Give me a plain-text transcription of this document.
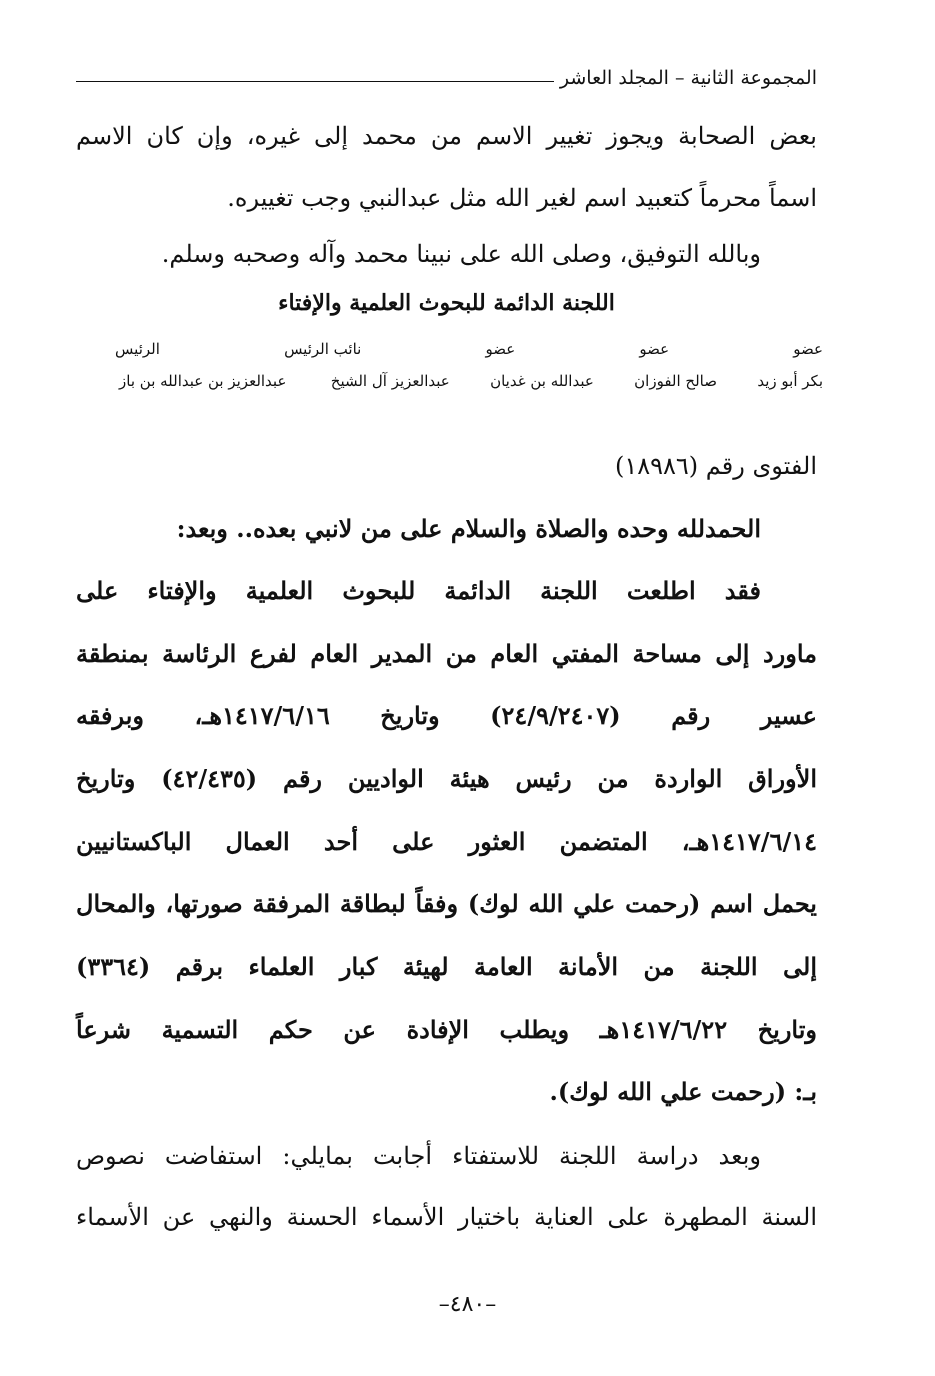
المجموعة الثانية – المجلد العاشر

بعض الصحابة ويجوز تغيير الاسم من محمد إلى غيره، وإن كان الاسم

اسماً محرماً كتعبيد اسم لغير الله مثل عبدالنبي وجب تغييره.

وبالله التوفيق، وصلى الله على نبينا محمد وآله وصحبه وسلم.

اللجنة الدائمة للبحوث العلمية والإفتاء

عضو
عضو
عضو
نائب الرئيس
الرئيس
بكر أبو زيد
صالح الفوزان
عبدالله بن غديان
عبدالعزيز آل الشيخ
عبدالعزيز بن عبدالله بن باز

الفتوى رقم (١٨٩٨٦)

الحمدلله وحده والصلاة والسلام على من لانبي بعده.. وبعد:

فقد اطلعت اللجنة الدائمة للبحوث العلمية والإفتاء على

ماورد إلى مساحة المفتي العام من المدير العام لفرع الرئاسة بمنطقة

عسير رقم (٢٤/٩/٢٤٠٧) وتاريخ ١٤١٧/٦/١٦هـ، وبرفقه

الأوراق الواردة من رئيس هيئة الواديين رقم (٤٢/٤٣٥) وتاريخ

١٤١٧/٦/١٤هـ، المتضمن العثور على أحد العمال الباكستانيين

يحمل اسم (رحمت علي الله لوك) وفقاً لبطاقة المرفقة صورتها، والمحال

إلى اللجنة من الأمانة العامة لهيئة كبار العلماء برقم (٣٣٦٤)

وتاريخ ١٤١٧/٦/٢٢هـ ويطلب الإفادة عن حكم التسمية شرعاً

بـ: (رحمت علي الله لوك).

وبعد دراسة اللجنة للاستفتاء أجابت بمايلي: استفاضت نصوص

السنة المطهرة على العناية باختيار الأسماء الحسنة والنهي عن الأسماء

–٤٨٠–
